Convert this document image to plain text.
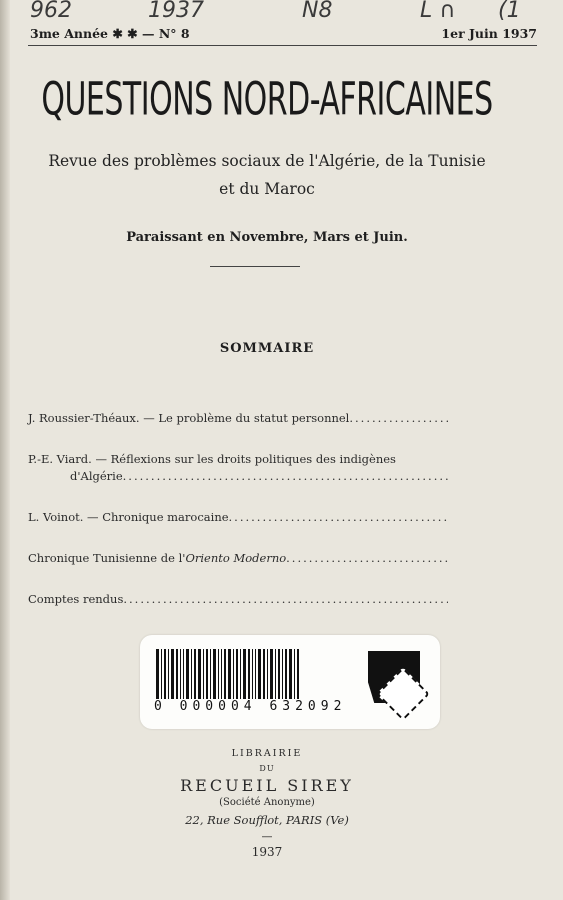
962	1937	N8	L ∩ (1
3me Année ✱ ✱ — N° 8	1er Juin 1937
QUESTIONS NORD-AFRICAINES
Revue des problèmes sociaux de l'Algérie, de la Tunisie
et du Maroc
Paraissant en Novembre, Mars et Juin.
SOMMAIRE
J. Roussier-Théaux. — Le problème du statut personnel
.....
P.-E. Viard. — Réflexions sur les droits politiques des indigènes
d'Algérie
.....
L. Voinot. — Chronique marocaine
.....
Chronique Tunisienne de l' Oriento Moderno
.....
Comptes rendus
.....
0 000004 632092
LIBRAIRIE
DU
RECUEIL SIREY
(Société Anonyme)
22, Rue Soufflot, PARIS (Ve)
—
1937
